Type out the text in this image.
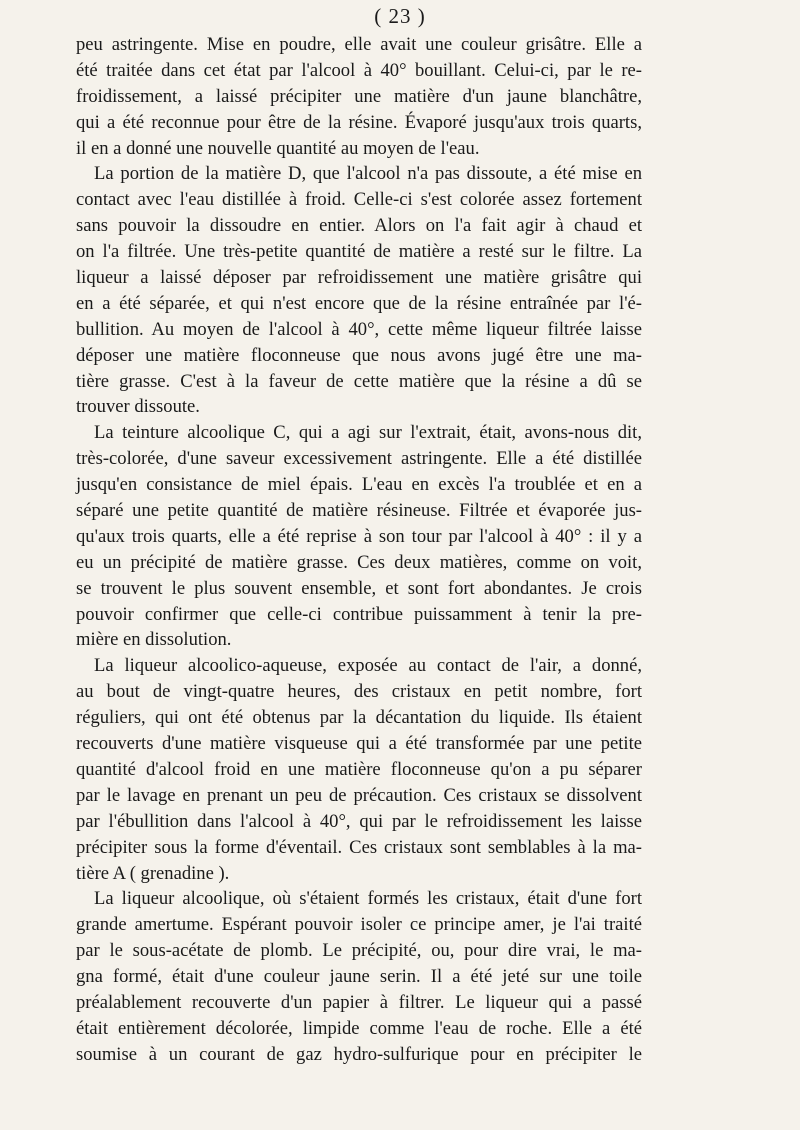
( 23 )
peu astringente. Mise en poudre, elle avait une couleur grisâtre. Elle a
été traitée dans cet état par l'alcool à 40° bouillant. Celui-ci, par le re-
froidissement, a laissé précipiter une matière d'un jaune blanchâtre,
qui a été reconnue pour être de la résine. Évaporé jusqu'aux trois quarts,
il en a donné une nouvelle quantité au moyen de l'eau.
La portion de la matière D, que l'alcool n'a pas dissoute, a été mise en
contact avec l'eau distillée à froid. Celle-ci s'est colorée assez fortement
sans pouvoir la dissoudre en entier. Alors on l'a fait agir à chaud et
on l'a filtrée. Une très-petite quantité de matière a resté sur le filtre. La
liqueur a laissé déposer par refroidissement une matière grisâtre qui
en a été séparée, et qui n'est encore que de la résine entraînée par l'é-
bullition. Au moyen de l'alcool à 40°, cette même liqueur filtrée laisse
déposer une matière floconneuse que nous avons jugé être une ma-
tière grasse. C'est à la faveur de cette matière que la résine a dû se
trouver dissoute.
La teinture alcoolique C, qui a agi sur l'extrait, était, avons-nous dit,
très-colorée, d'une saveur excessivement astringente. Elle a été distillée
jusqu'en consistance de miel épais. L'eau en excès l'a troublée et en a
séparé une petite quantité de matière résineuse. Filtrée et évaporée jus-
qu'aux trois quarts, elle a été reprise à son tour par l'alcool à 40° : il y a
eu un précipité de matière grasse. Ces deux matières, comme on voit,
se trouvent le plus souvent ensemble, et sont fort abondantes. Je crois
pouvoir confirmer que celle-ci contribue puissamment à tenir la pre-
mière en dissolution.
La liqueur alcoolico-aqueuse, exposée au contact de l'air, a donné,
au bout de vingt-quatre heures, des cristaux en petit nombre, fort
réguliers, qui ont été obtenus par la décantation du liquide. Ils étaient
recouverts d'une matière visqueuse qui a été transformée par une petite
quantité d'alcool froid en une matière floconneuse qu'on a pu séparer
par le lavage en prenant un peu de précaution. Ces cristaux se dissolvent
par l'ébullition dans l'alcool à 40°, qui par le refroidissement les laisse
précipiter sous la forme d'éventail. Ces cristaux sont semblables à la ma-
tière A ( grenadine ).
La liqueur alcoolique, où s'étaient formés les cristaux, était d'une fort
grande amertume. Espérant pouvoir isoler ce principe amer, je l'ai traité
par le sous-acétate de plomb. Le précipité, ou, pour dire vrai, le ma-
gna formé, était d'une couleur jaune serin. Il a été jeté sur une toile
préalablement recouverte d'un papier à filtrer. Le liqueur qui a passé
était entièrement décolorée, limpide comme l'eau de roche. Elle a été
soumise à un courant de gaz hydro-sulfurique pour en précipiter le
